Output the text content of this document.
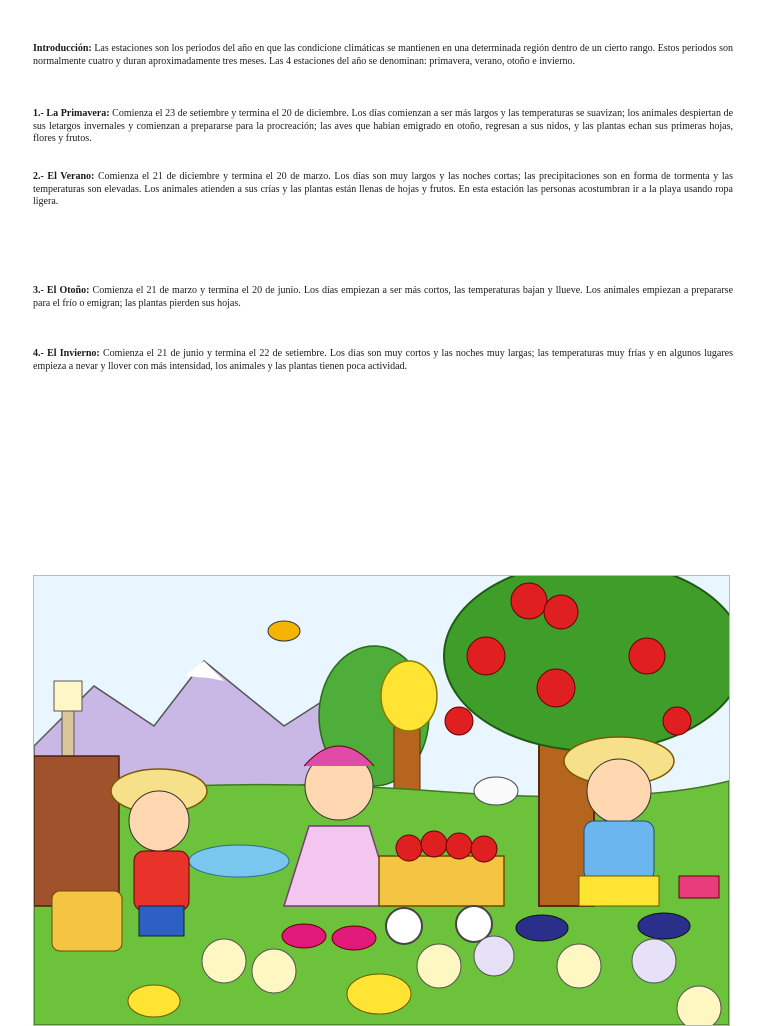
Introducción: Las estaciones son los periodos del año en que las condicione climáticas se mantienen en una determinada región dentro de un cierto rango. Estos periodos son normalmente cuatro y duran aproximadamente tres meses. Las 4 estaciones del año se denominan: primavera, verano, otoño e invierno.

1.- La Primavera: Comienza el 23 de setiembre y termina el 20 de diciembre. Los días comienzan a ser más largos y las temperaturas se suavizan; los animales despiertan de sus letargos invernales y comienzan a prepararse para la procreación; las aves que habían emigrado en otoño, regresan a sus nidos, y las plantas echan sus primeras hojas, flores y frutos.

2.- El Verano: Comienza el 21 de diciembre y termina el 20 de marzo. Los días son muy largos y las noches cortas; las precipitaciones son en forma de tormenta y las temperaturas son elevadas. Los animales atienden a sus crías y las plantas están llenas de hojas y frutos. En esta estación las personas acostumbran ir a la playa usando ropa ligera.

3.- El Otoño: Comienza el 21 de marzo y termina el 20 de junio. Los días empiezan a ser más cortos, las temperaturas bajan y llueve. Los animales empiezan a prepararse para el frío o emigran; las plantas pierden sus hojas.

4.- El Invierno: Comienza el 21 de junio y termina el 22 de setiembre. Los días son muy cortos y las noches muy largas; las temperaturas muy frías y en algunos lugares empieza a nevar y llover con más intensidad, los animales y las plantas tienen poca actividad.
